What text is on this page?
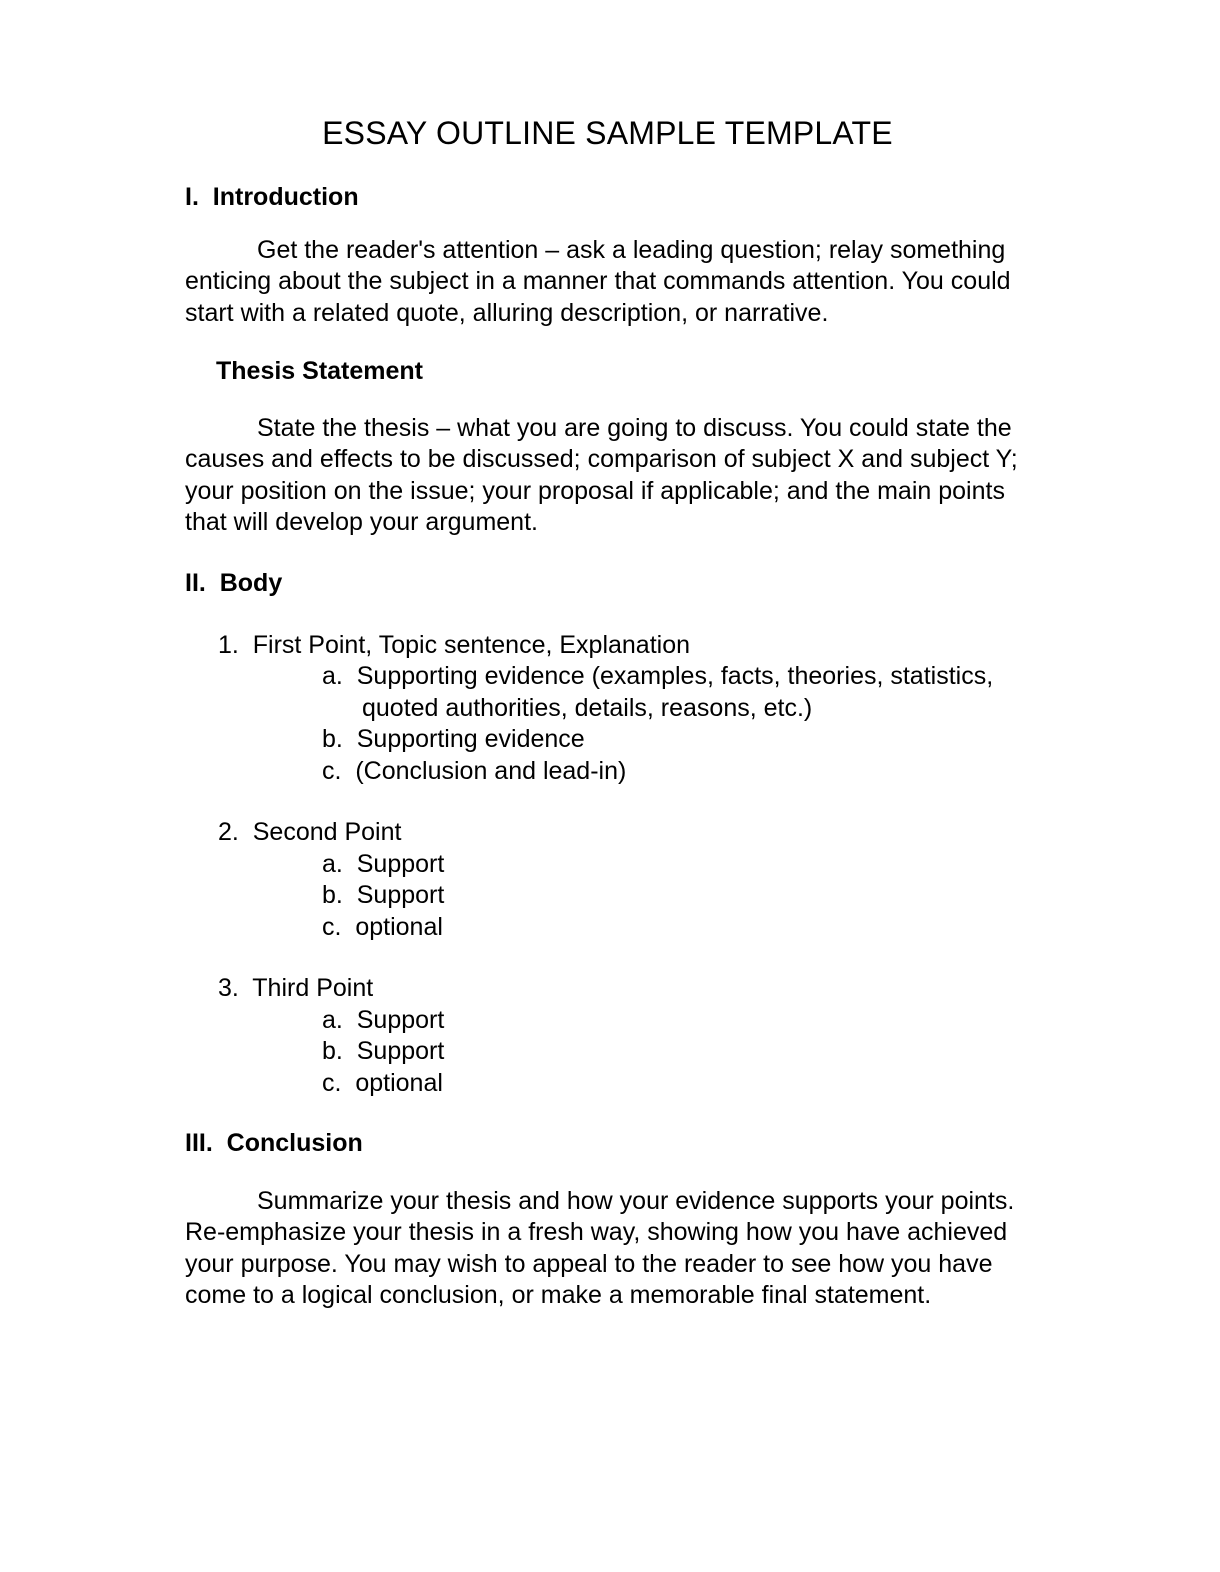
ESSAY OUTLINE SAMPLE TEMPLATE
I.  Introduction

Get the reader's attention – ask a leading question; relay something enticing about the subject in a manner that commands attention. You could start with a related quote, alluring description, or narrative.

Thesis Statement

State the thesis – what you are going to discuss. You could state the causes and effects to be discussed; comparison of subject X and subject Y; your position on the issue; your proposal if applicable; and the main points that will develop your argument.

II.  Body

1.  First Point, Topic sentence, Explanation

a.  Supporting evidence (examples, facts, theories, statistics, quoted authorities, details, reasons, etc.)
b.  Supporting evidence
c.  (Conclusion and lead-in)

2.  Second Point

a.  Support
b.  Support
c.  optional

3.  Third Point

a.  Support
b.  Support
c.  optional
III.  Conclusion

Summarize your thesis and how your evidence supports your points. Re-emphasize your thesis in a fresh way, showing how you have achieved your purpose. You may wish to appeal to the reader to see how you have come to a logical conclusion, or make a memorable final statement.
